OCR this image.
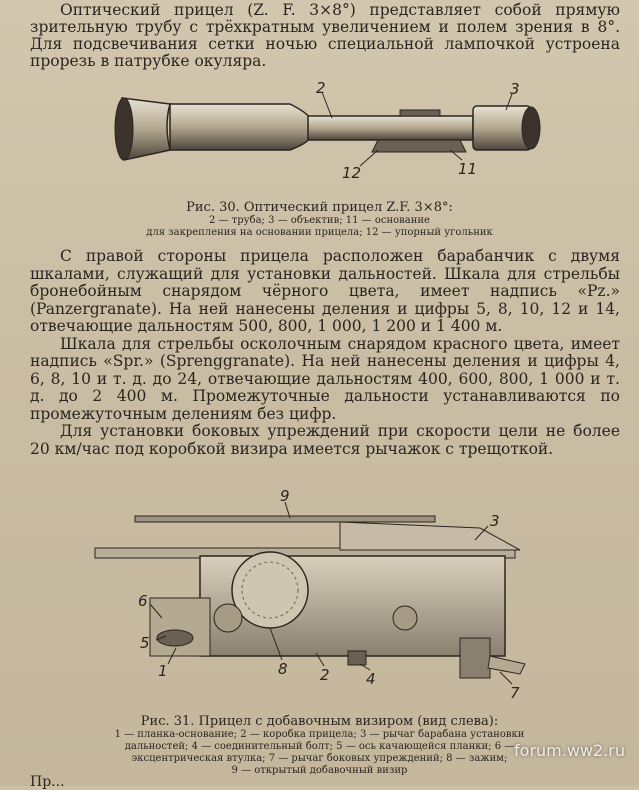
Оптический прицел (Z. F. 3×8°) представляет собой прямую зрительную трубу с трёхкратным увеличением и полем зрения в 8°. Для подсвечивания сетки ночью специальной лампочкой устроена прорезь в патрубке окуляра.

2	3
12	11
Рис. 30. Оптический прицел Z.F. 3×8°:
2 — труба; 3 — объектив; 11 — основание
для закрепления на основании прицела; 12 — упорный угольник

С правой стороны прицела расположен барабанчик с двумя шкалами, служащий для установки дальностей. Шкала для стрельбы бронебойным снарядом чёрного цвета, имеет надпись «Pz.» (Panzergranate). На ней нанесены деления и цифры 5, 8, 10, 12 и 14, отвечающие дальностям 500, 800, 1 000, 1 200 и 1 400 м.

Шкала для стрельбы осколочным снарядом красного цвета, имеет надпись «Spr.» (Sprenggranate). На ней нанесены деления и цифры 4, 6, 8, 10 и т. д. до 24, отвечающие дальностям 400, 600, 800, 1 000 и т. д. до 2 400 м. Промежуточные дальности устанавливаются по промежуточным делениям без цифр.

Для установки боковых упреждений при скорости цели не более 20 км/час под коробкой визира имеется рычажок с трещоткой.

9
3
6
5
1	8 2 4
7
Рис. 31. Прицел с добавочным визиром (вид слева):
1 — планка-основание; 2 — коробка прицела; 3 — рычаг барабана установки
дальностей; 4 — соединительный болт; 5 — ось качающейся планки; 6 —
эксцентрическая втулка; 7 — рычаг боковых упреждений; 8 — зажим;
9 — открытый добавочный визир
forum.ww2.ru
Пр...
